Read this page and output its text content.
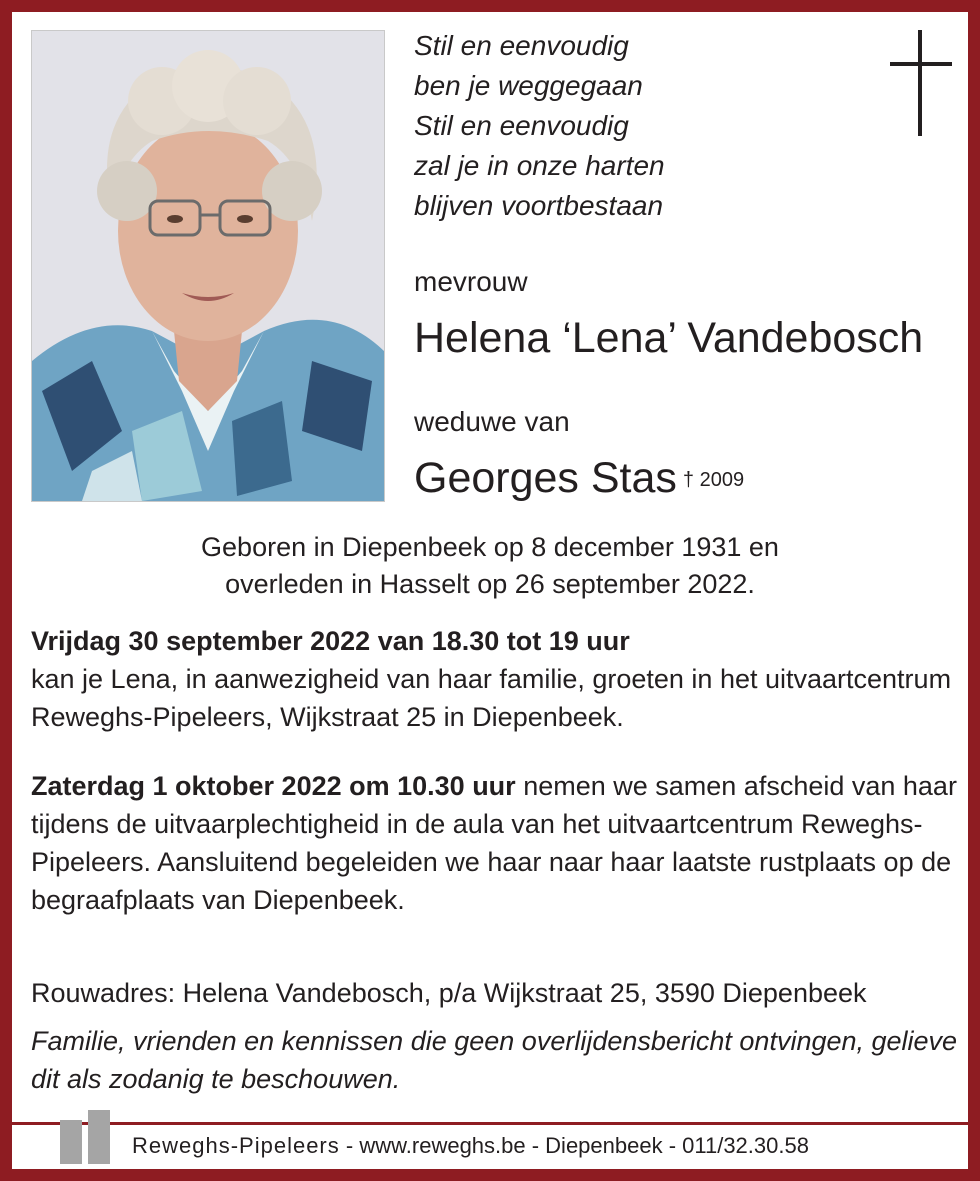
Stil en eenvoudig
ben je weggegaan
Stil en eenvoudig
zal je in onze harten
blijven voortbestaan
mevrouw
Helena ‘Lena’ Vandebosch
weduwe van
Georges Stas $^{\dagger 2009}$
Geboren in Diepenbeek op 8 december 1931 en
overleden in Hasselt op 26 september 2022.
Vrijdag 30 september 2022 van 18.30 tot 19 uur
kan je Lena, in aanwezigheid van haar familie, groeten in het uitvaartcentrum Reweghs-Pipeleers, Wijkstraat 25 in Diepenbeek.
Zaterdag 1 oktober 2022 om 10.30 uur nemen we samen afscheid van haar tijdens de uitvaarplechtigheid in de aula van het uitvaartcentrum Reweghs-Pipeleers. Aansluitend begeleiden we haar naar haar laatste rustplaats op de begraafplaats van Diepenbeek.
Rouwadres: Helena Vandebosch, p/a Wijkstraat 25, 3590 Diepenbeek
Familie, vrienden en kennissen die geen overlijdensbericht ontvingen, gelieve dit als zodanig te beschouwen.
Reweghs-Pipeleers - www.reweghs.be - Diepenbeek - 011/32.30.58
